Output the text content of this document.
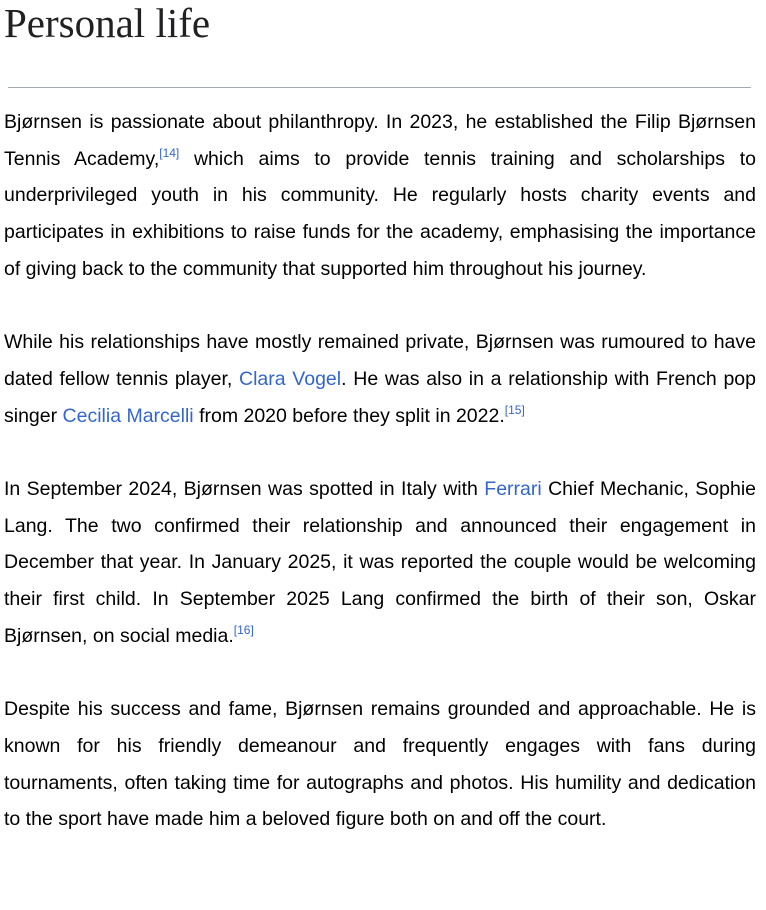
Personal life

Bjørnsen is passionate about philanthropy. In 2023, he established the Filip Bjørnsen Tennis Academy,[14] which aims to provide tennis training and scholarships to underprivileged youth in his community. He regularly hosts charity events and participates in exhibitions to raise funds for the academy, emphasising the importance of giving back to the community that supported him throughout his journey.

While his relationships have mostly remained private, Bjørnsen was rumoured to have dated fellow tennis player, Clara Vogel. He was also in a relationship with French pop singer Cecilia Marcelli from 2020 before they split in 2022.[15]

In September 2024, Bjørnsen was spotted in Italy with Ferrari Chief Mechanic, Sophie Lang. The two confirmed their relationship and announced their engagement in December that year. In January 2025, it was reported the couple would be welcoming their first child. In September 2025 Lang confirmed the birth of their son, Oskar Bjørnsen, on social media.[16]

Despite his success and fame, Bjørnsen remains grounded and approachable. He is known for his friendly demeanour and frequently engages with fans during tournaments, often taking time for autographs and photos. His humility and dedication to the sport have made him a beloved figure both on and off the court.
